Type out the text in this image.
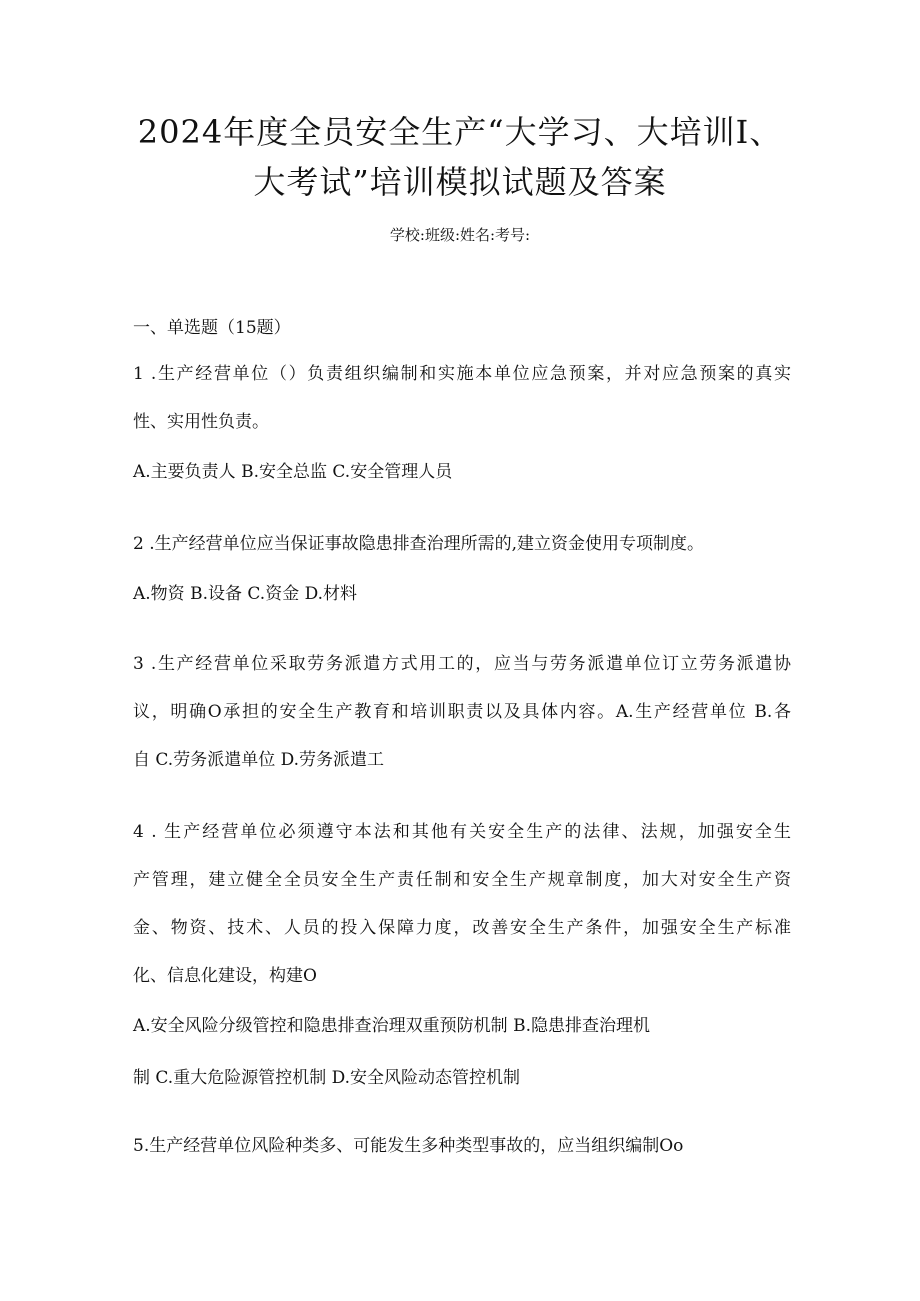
2024年度全员安全生产“大学习、大培训I、
大考试”培训模拟试题及答案
学校:班级:姓名:考号:
一、单选题（15题）
1 .生产经营单位（）负责组织编制和实施本单位应急预案，并对应急预案的真实
性、实用性负责。
A.主要负责人 B.安全总监 C.安全管理人员
2 .生产经营单位应当保证事故隐患排查治理所需的,建立资金使用专项制度。
A.物资 B.设备 C.资金 D.材料
3 .生产经营单位采取劳务派遣方式用工的，应当与劳务派遣单位订立劳务派遣协
议，明确O承担的安全生产教育和培训职责以及具体内容。A.生产经营单位 B.各
自 C.劳务派遣单位 D.劳务派遣工
4 . 生产经营单位必须遵守本法和其他有关安全生产的法律、法规，加强安全生
产管理，建立健全全员安全生产责任制和安全生产规章制度，加大对安全生产资
金、物资、技术、人员的投入保障力度，改善安全生产条件，加强安全生产标准
化、信息化建设，构建O
A.安全风险分级管控和隐患排查治理双重预防机制 B.隐患排查治理机
制 C.重大危险源管控机制 D.安全风险动态管控机制
5.生产经营单位风险种类多、可能发生多种类型事故的，应当组织编制Oo
